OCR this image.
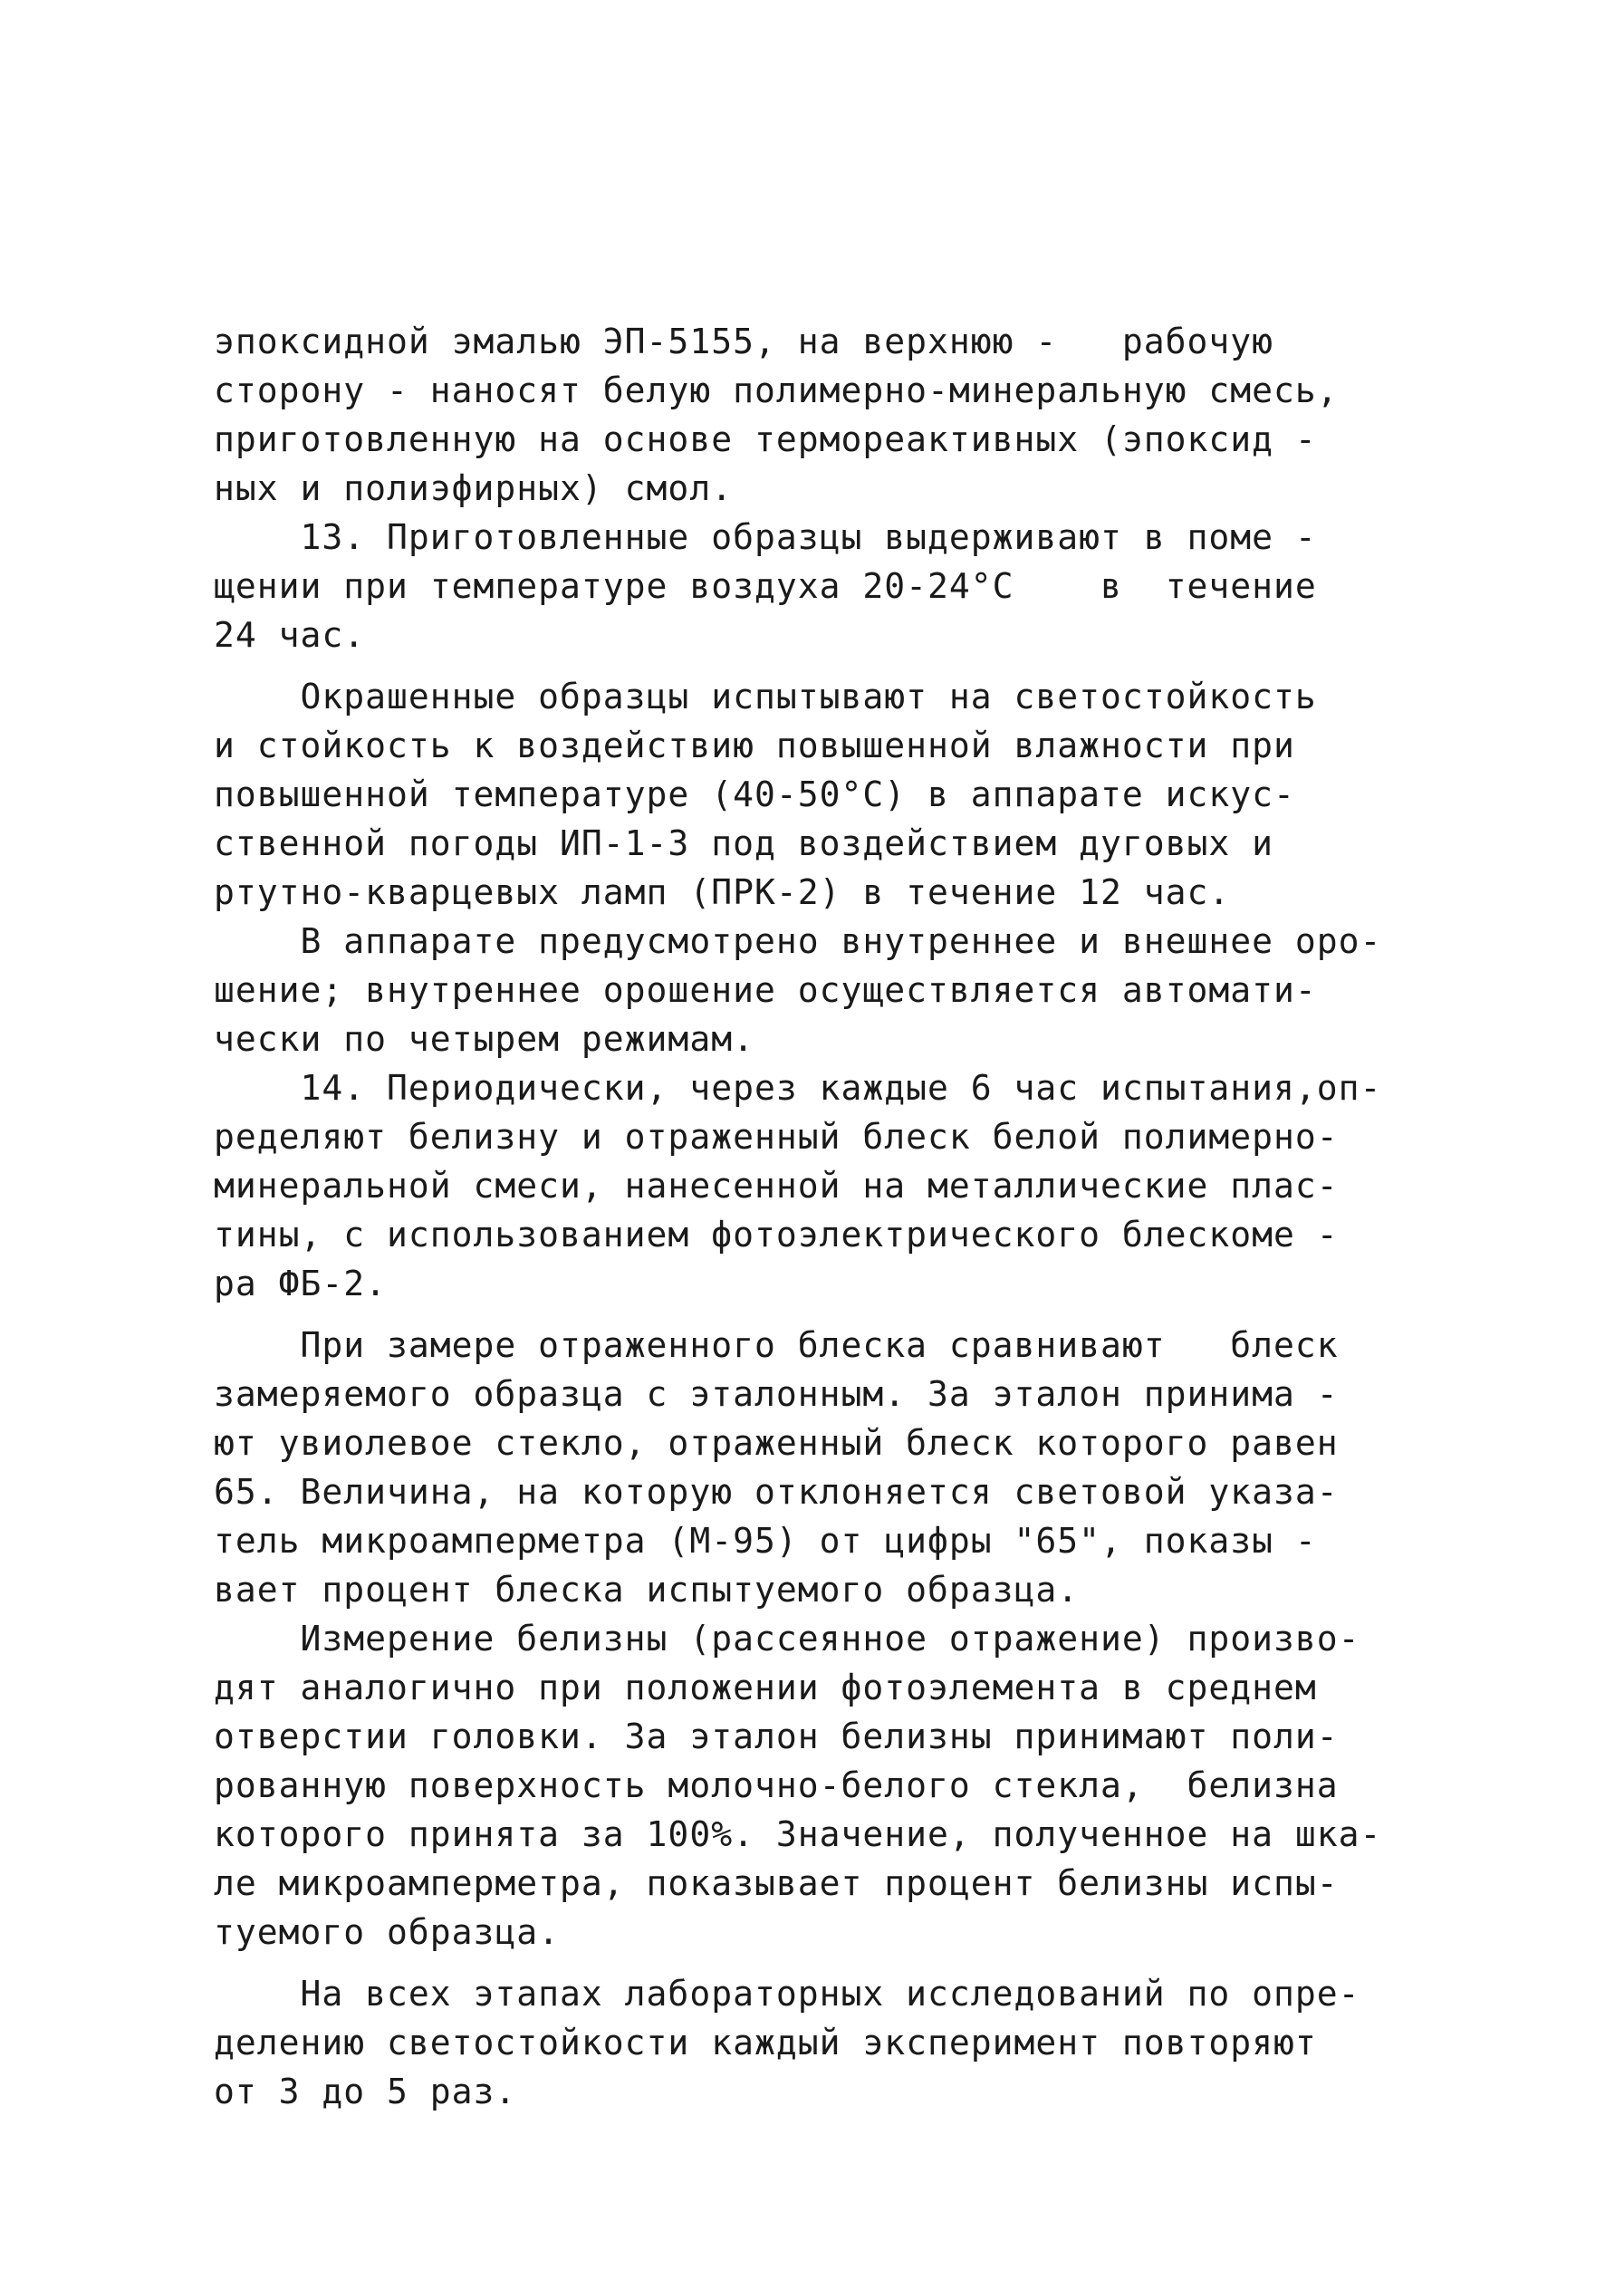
эпоксидной эмалью ЭП-5155, на верхнюю -   рабочую
сторону - наносят белую полимерно-минеральную смесь,
приготовленную на основе термореактивных (эпоксид -
ных и полиэфирных) смол.
13. Приготовленные образцы выдерживают в поме -
щении при температуре воздуха 20-24°C    в  течение
24 час.
Окрашенные образцы испытывают на светостойкость
и стойкость к воздействию повышенной влажности при
повышенной температуре (40-50°C) в аппарате искус-
ственной погоды ИП-1-3 под воздействием дуговых и
ртутно-кварцевых ламп (ПРК-2) в течение 12 час.
В аппарате предусмотрено внутреннее и внешнее оро-
шение; внутреннее орошение осуществляется автомати-
чески по четырем режимам.
14. Периодически, через каждые 6 час испытания,оп-
ределяют белизну и отраженный блеск белой полимерно-
минеральной смеси, нанесенной на металлические плас-
тины, с использованием фотоэлектрического блескоме -
ра ФБ-2.
При замере отраженного блеска сравнивают   блеск
замеряемого образца с эталонным. За эталон принима -
ют увиолевое стекло, отраженный блеск которого равен
65. Величина, на которую отклоняется световой указа-
тель микроамперметра (М-95) от цифры "65", показы -
вает процент блеска испытуемого образца.
Измерение белизны (рассеянное отражение) произво-
дят аналогично при положении фотоэлемента в среднем
отверстии головки. За эталон белизны принимают поли-
рованную поверхность молочно-белого стекла,  белизна
которого принята за 100%. Значение, полученное на шка-
ле микроамперметра, показывает процент белизны испы-
туемого образца.
На всех этапах лабораторных исследований по опре-
делению светостойкости каждый эксперимент повторяют
от 3 до 5 раз.
